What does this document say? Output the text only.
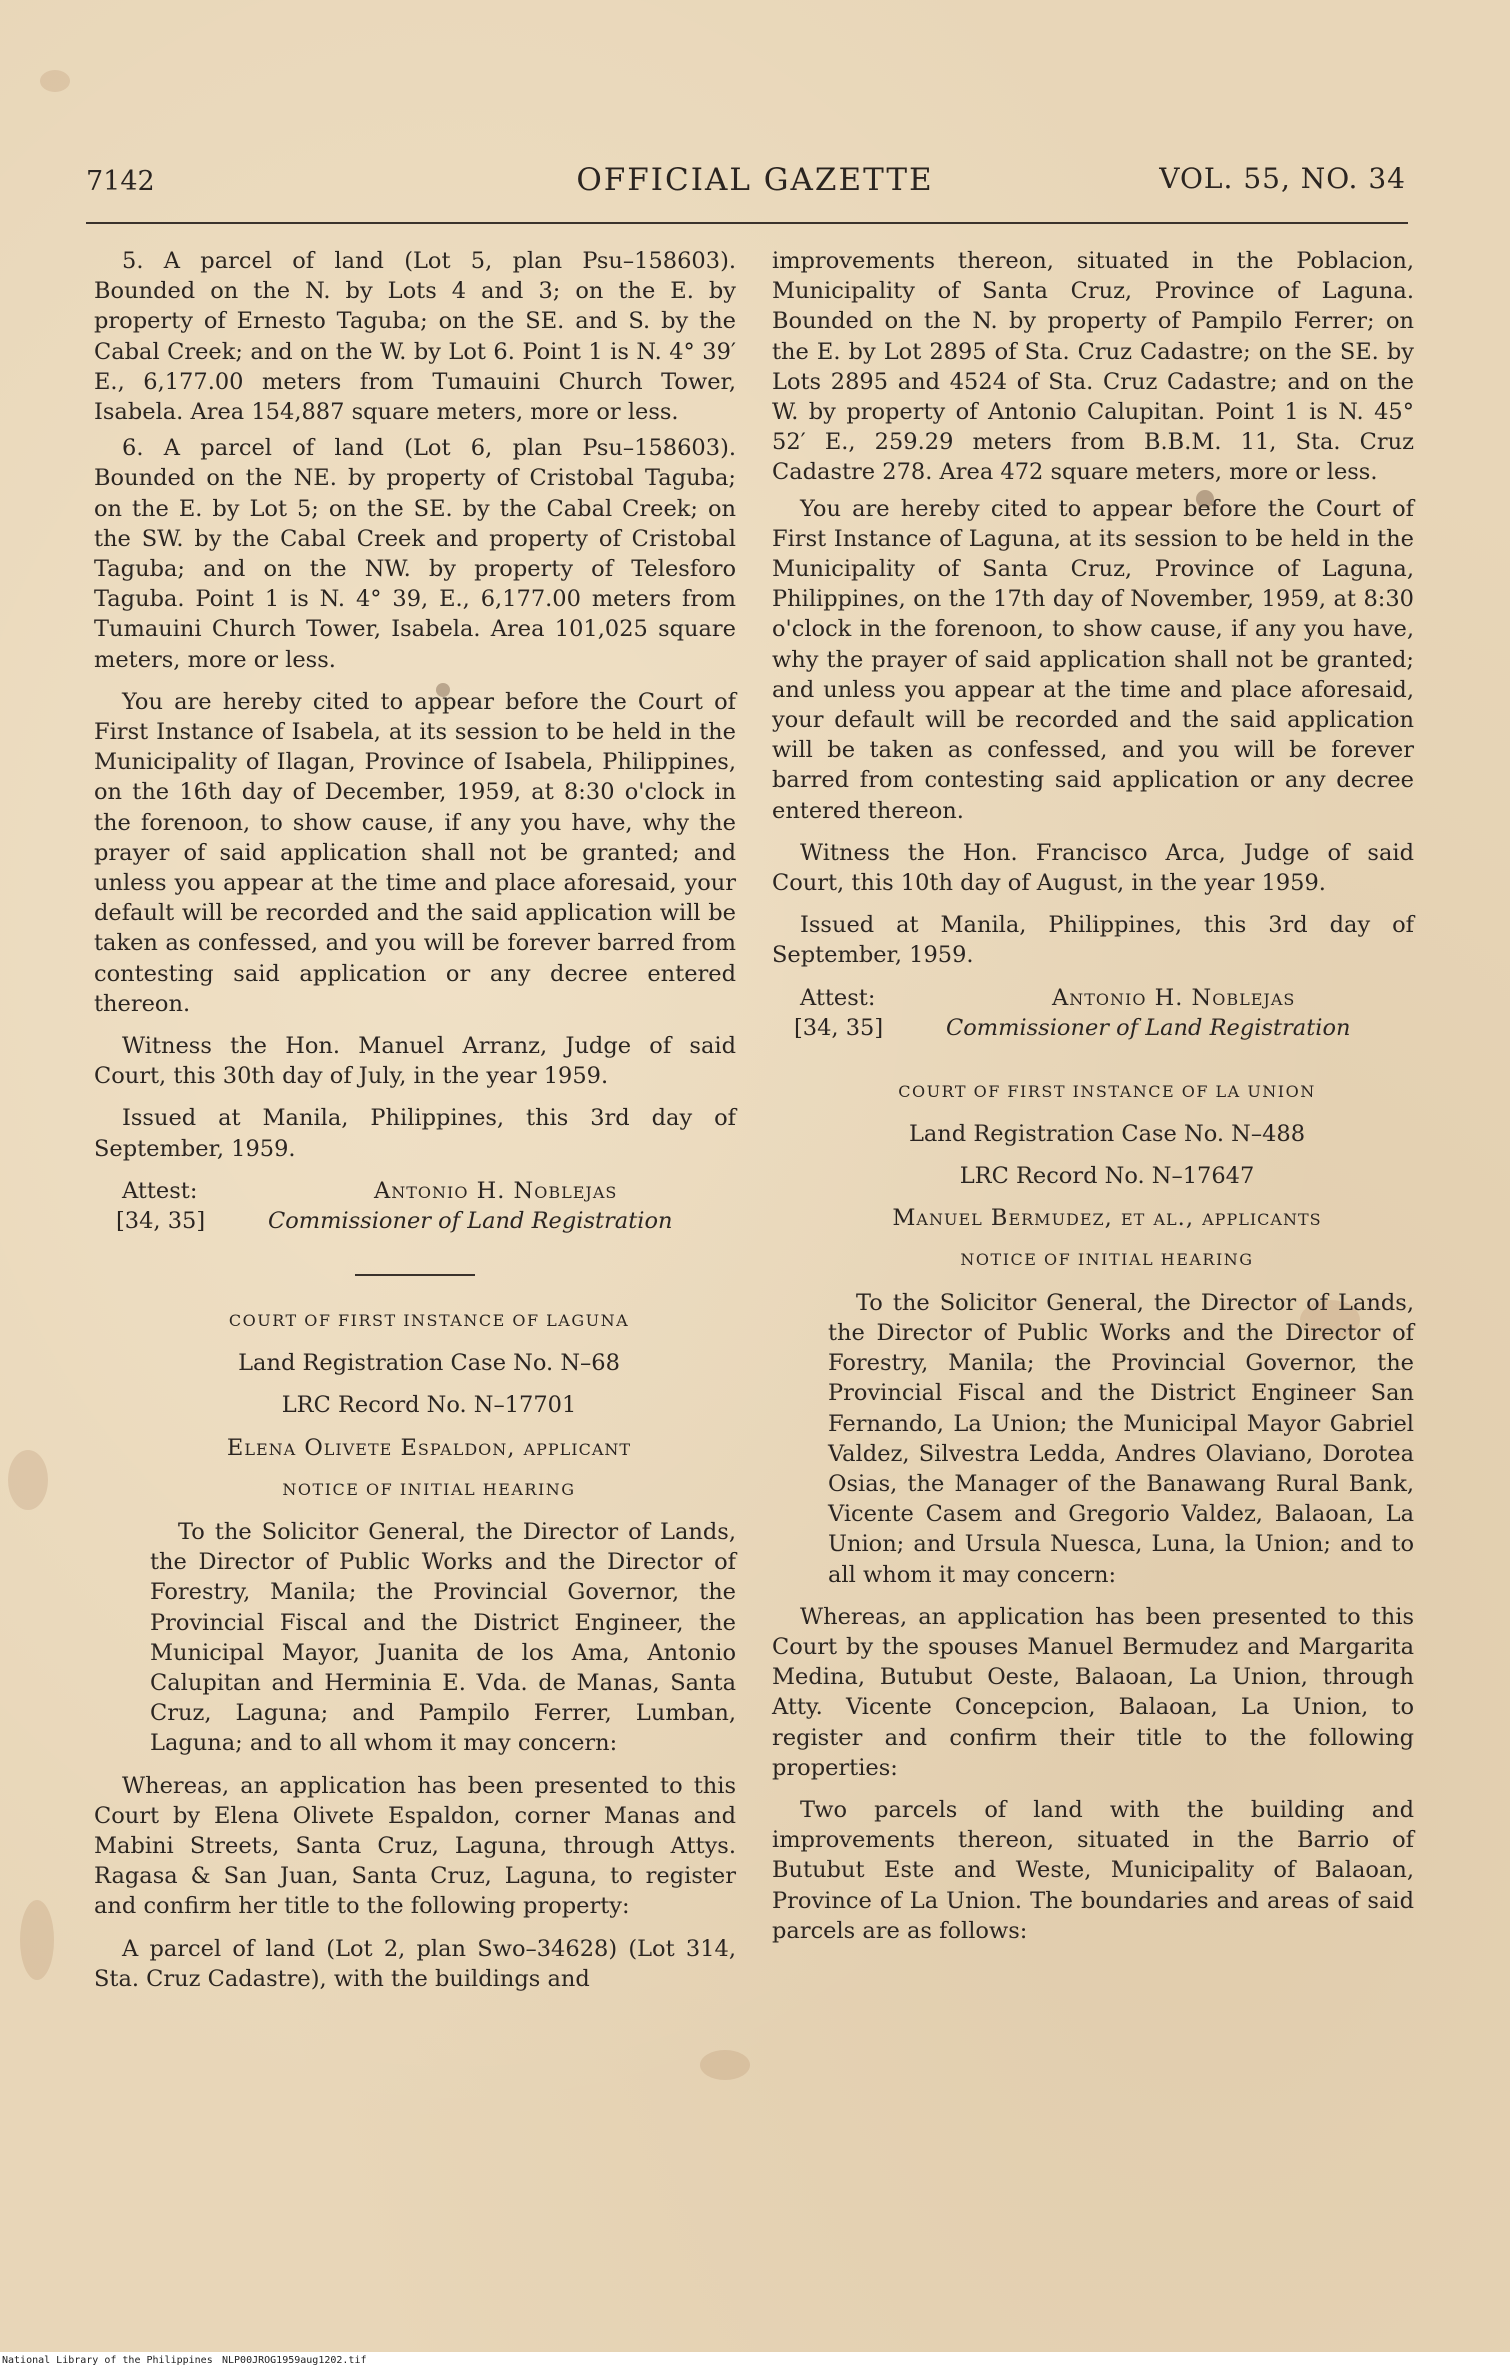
7142	OFFICIAL GAZETTE	VOL. 55, NO. 34

5. A parcel of land (Lot 5, plan Psu–158603). Bounded on the N. by Lots 4 and 3; on the E. by property of Ernesto Taguba; on the SE. and S. by the Cabal Creek; and on the W. by Lot 6. Point 1 is N. 4° 39′ E., 6,177.00 meters from Tumauini Church Tower, Isabela. Area 154,887 square meters, more or less.

6. A parcel of land (Lot 6, plan Psu–158603). Bounded on the NE. by property of Cristobal Taguba; on the E. by Lot 5; on the SE. by the Cabal Creek; on the SW. by the Cabal Creek and property of Cristobal Taguba; and on the NW. by property of Telesforo Taguba. Point 1 is N. 4° 39, E., 6,177.00 meters from Tumauini Church Tower, Isabela. Area 101,025 square meters, more or less.

You are hereby cited to appear before the Court of First Instance of Isabela, at its session to be held in the Municipality of Ilagan, Province of Isabela, Philippines, on the 16th day of December, 1959, at 8:30 o'clock in the forenoon, to show cause, if any you have, why the prayer of said application shall not be granted; and unless you appear at the time and place aforesaid, your default will be recorded and the said application will be taken as confessed, and you will be forever barred from contesting said application or any decree entered thereon.

Witness the Hon. Manuel Arranz, Judge of said Court, this 30th day of July, in the year 1959.

Issued at Manila, Philippines, this 3rd day of September, 1959.

Attest:
[34, 35]
Antonio H. Noblejas
Commissioner of Land Registration

COURT OF FIRST INSTANCE OF LAGUNA

Land Registration Case No. N–68

LRC Record No. N–17701

Elena Olivete Espaldon, applicant

NOTICE OF INITIAL HEARING

To the Solicitor General, the Director of Lands, the Director of Public Works and the Director of Forestry, Manila; the Provincial Governor, the Provincial Fiscal and the District Engineer, the Municipal Mayor, Juanita de los Ama, Antonio Calupitan and Herminia E. Vda. de Manas, Santa Cruz, Laguna; and Pampilo Ferrer, Lumban, Laguna; and to all whom it may concern:

Whereas, an application has been presented to this Court by Elena Olivete Espaldon, corner Manas and Mabini Streets, Santa Cruz, Laguna, through Attys. Ragasa & San Juan, Santa Cruz, Laguna, to register and confirm her title to the following property:

A parcel of land (Lot 2, plan Swo–34628) (Lot 314, Sta. Cruz Cadastre), with the buildings and

improvements thereon, situated in the Poblacion, Municipality of Santa Cruz, Province of Laguna. Bounded on the N. by property of Pampilo Ferrer; on the E. by Lot 2895 of Sta. Cruz Cadastre; on the SE. by Lots 2895 and 4524 of Sta. Cruz Cadastre; and on the W. by property of Antonio Calupitan. Point 1 is N. 45° 52′ E., 259.29 meters from B.B.M. 11, Sta. Cruz Cadastre 278. Area 472 square meters, more or less.

You are hereby cited to appear before the Court of First Instance of Laguna, at its session to be held in the Municipality of Santa Cruz, Province of Laguna, Philippines, on the 17th day of November, 1959, at 8:30 o'clock in the forenoon, to show cause, if any you have, why the prayer of said application shall not be granted; and unless you appear at the time and place aforesaid, your default will be recorded and the said application will be taken as confessed, and you will be forever barred from contesting said application or any decree entered thereon.

Witness the Hon. Francisco Arca, Judge of said Court, this 10th day of August, in the year 1959.

Issued at Manila, Philippines, this 3rd day of September, 1959.

Attest:
[34, 35]
Antonio H. Noblejas
Commissioner of Land Registration

COURT OF FIRST INSTANCE OF LA UNION

Land Registration Case No. N–488

LRC Record No. N–17647

Manuel Bermudez, et al., applicants

NOTICE OF INITIAL HEARING

To the Solicitor General, the Director of Lands, the Director of Public Works and the Director of Forestry, Manila; the Provincial Governor, the Provincial Fiscal and the District Engineer San Fernando, La Union; the Municipal Mayor Gabriel Valdez, Silvestra Ledda, Andres Olaviano, Dorotea Osias, the Manager of the Banawang Rural Bank, Vicente Casem and Gregorio Valdez, Balaoan, La Union; and Ursula Nuesca, Luna, la Union; and to all whom it may concern:

Whereas, an application has been presented to this Court by the spouses Manuel Bermudez and Margarita Medina, Butubut Oeste, Balaoan, La Union, through Atty. Vicente Concepcion, Balaoan, La Union, to register and confirm their title to the following properties:

Two parcels of land with the building and improvements thereon, situated in the Barrio of Butubut Este and Weste, Municipality of Balaoan, Province of La Union. The boundaries and areas of said parcels are as follows:

National Library of the Philippines NLP00JROG1959aug1202.tif
